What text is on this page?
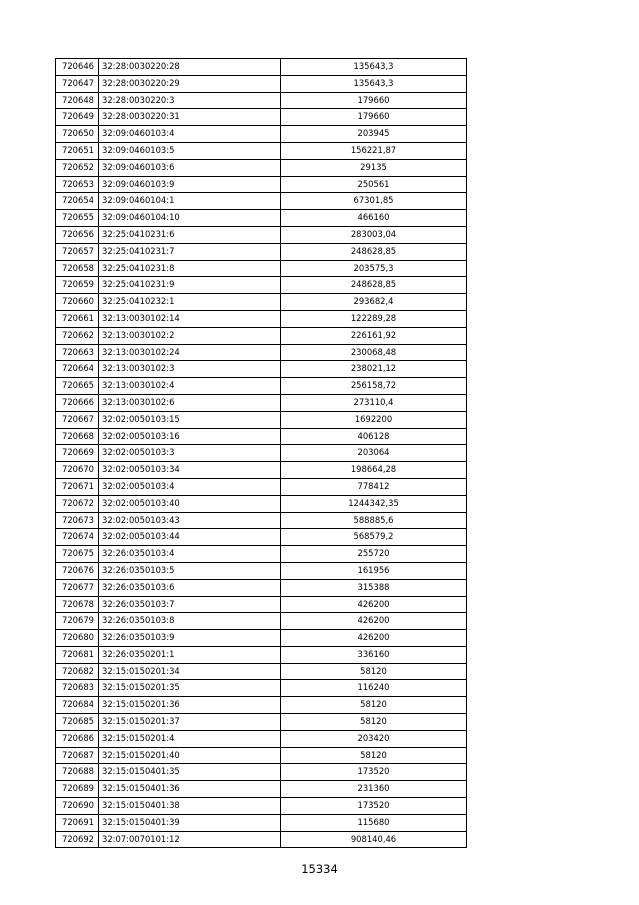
720646	32:28:0030220:28	135643,3
720647	32:28:0030220:29	135643,3
720648	32:28:0030220:3	179660
720649	32:28:0030220:31	179660
720650	32:09:0460103:4	203945
720651	32:09:0460103:5	156221,87
720652	32:09:0460103:6	29135
720653	32:09:0460103:9	250561
720654	32:09:0460104:1	67301,85
720655	32:09:0460104:10	466160
720656	32:25:0410231:6	283003,04
720657	32:25:0410231:7	248628,85
720658	32:25:0410231:8	203575,3
720659	32:25:0410231:9	248628,85
720660	32:25:0410232:1	293682,4
720661	32:13:0030102:14	122289,28
720662	32:13:0030102:2	226161,92
720663	32:13:0030102:24	230068,48
720664	32:13:0030102:3	238021,12
720665	32:13:0030102:4	256158,72
720666	32:13:0030102:6	273110,4
720667	32:02:0050103:15	1692200
720668	32:02:0050103:16	406128
720669	32:02:0050103:3	203064
720670	32:02:0050103:34	198664,28
720671	32:02:0050103:4	778412
720672	32:02:0050103:40	1244342,35
720673	32:02:0050103:43	588885,6
720674	32:02:0050103:44	568579,2
720675	32:26:0350103:4	255720
720676	32:26:0350103:5	161956
720677	32:26:0350103:6	315388
720678	32:26:0350103:7	426200
720679	32:26:0350103:8	426200
720680	32:26:0350103:9	426200
720681	32:26:0350201:1	336160
720682	32:15:0150201:34	58120
720683	32:15:0150201:35	116240
720684	32:15:0150201:36	58120
720685	32:15:0150201:37	58120
720686	32:15:0150201:4	203420
720687	32:15:0150201:40	58120
720688	32:15:0150401:35	173520
720689	32:15:0150401:36	231360
720690	32:15:0150401:38	173520
720691	32:15:0150401:39	115680
720692	32:07:0070101:12	908140,46
15334
